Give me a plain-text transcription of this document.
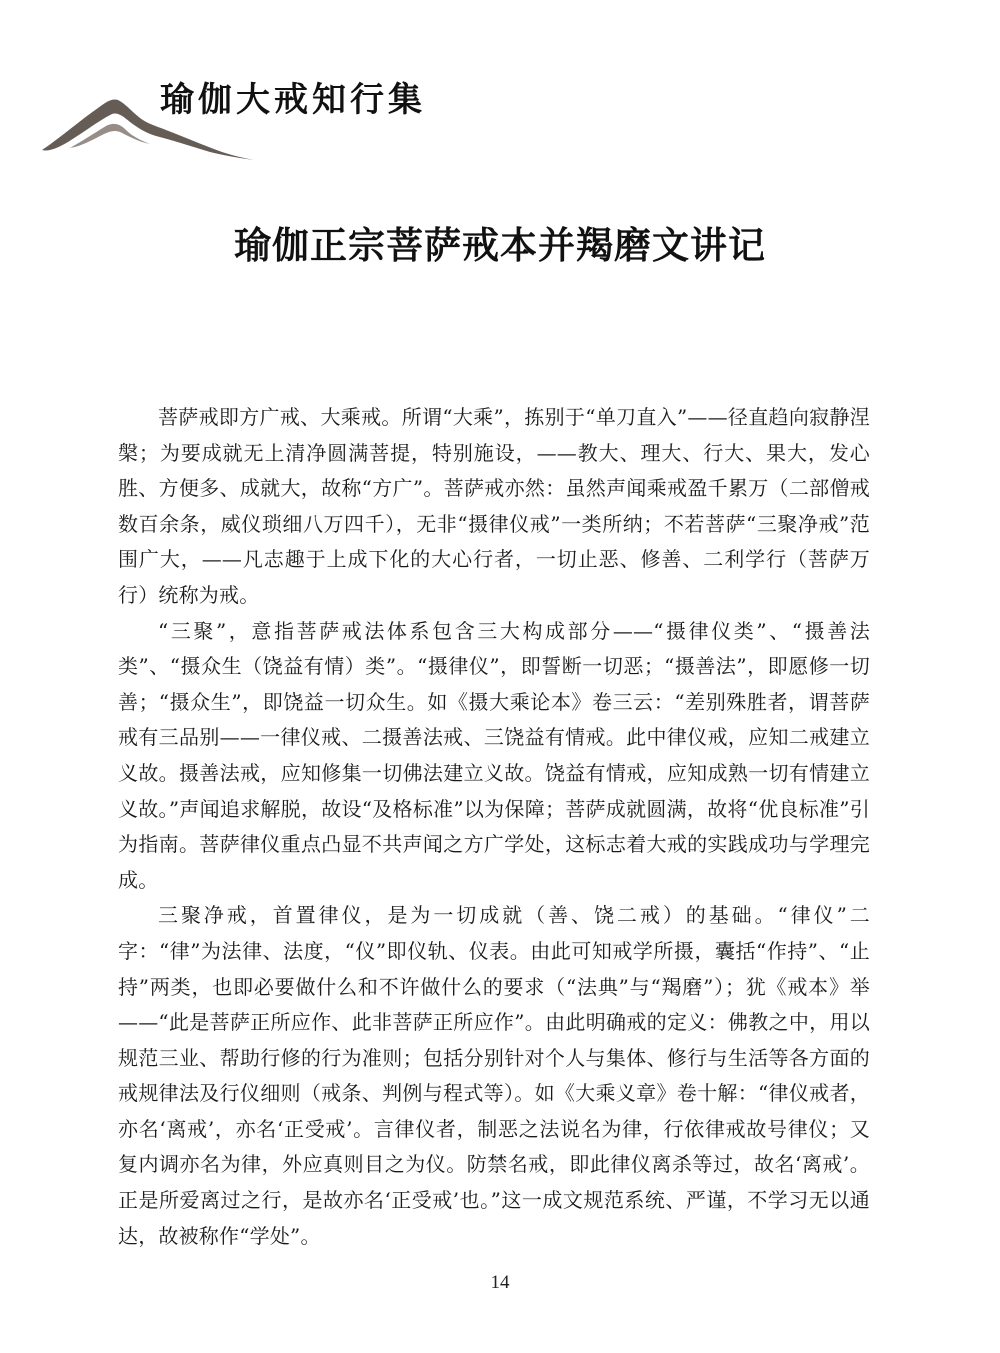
瑜伽大戒知行集
瑜伽正宗菩萨戒本并羯磨文讲记

菩萨戒即方广戒、大乘戒。所谓“大乘”，拣别于“单刀直入”——径直趋向寂静涅槃；为要成就无上清净圆满菩提，特别施设，——教大、理大、行大、果大，发心胜、方便多、成就大，故称“方广”。菩萨戒亦然：虽然声闻乘戒盈千累万（二部僧戒数百余条，威仪琐细八万四千），无非“摄律仪戒”一类所纳；不若菩萨“三聚净戒”范围广大，——凡志趣于上成下化的大心行者，一切止恶、修善、二利学行（菩萨万行）统称为戒。

“三聚”，意指菩萨戒法体系包含三大构成部分——“摄律仪类”、“摄善法类”、“摄众生（饶益有情）类”。“摄律仪”，即誓断一切恶；“摄善法”，即愿修一切善；“摄众生”，即饶益一切众生。如《摄大乘论本》卷三云：“差别殊胜者，谓菩萨戒有三品别——一律仪戒、二摄善法戒、三饶益有情戒。此中律仪戒，应知二戒建立义故。摄善法戒，应知修集一切佛法建立义故。饶益有情戒，应知成熟一切有情建立义故。”声闻追求解脱，故设“及格标准”以为保障；菩萨成就圆满，故将“优良标准”引为指南。菩萨律仪重点凸显不共声闻之方广学处，这标志着大戒的实践成功与学理完成。

三聚净戒，首置律仪，是为一切成就（善、饶二戒）的基础。“律仪”二字：“律”为法律、法度，“仪”即仪轨、仪表。由此可知戒学所摄，囊括“作持”、“止持”两类，也即必要做什么和不许做什么的要求（“法典”与“羯磨”）；犹《戒本》举——“此是菩萨正所应作、此非菩萨正所应作”。由此明确戒的定义：佛教之中，用以规范三业、帮助行修的行为准则；包括分别针对个人与集体、修行与生活等各方面的戒规律法及行仪细则（戒条、判例与程式等）。如《大乘义章》卷十解：“律仪戒者，亦名‘离戒’，亦名‘正受戒’。言律仪者，制恶之法说名为律，行依律戒故号律仪；又复内调亦名为律，外应真则目之为仪。防禁名戒，即此律仪离杀等过，故名‘离戒’。正是所爱离过之行，是故亦名‘正受戒’也。”这一成文规范系统、严谨，不学习无以通达，故被称作“学处”。

14
